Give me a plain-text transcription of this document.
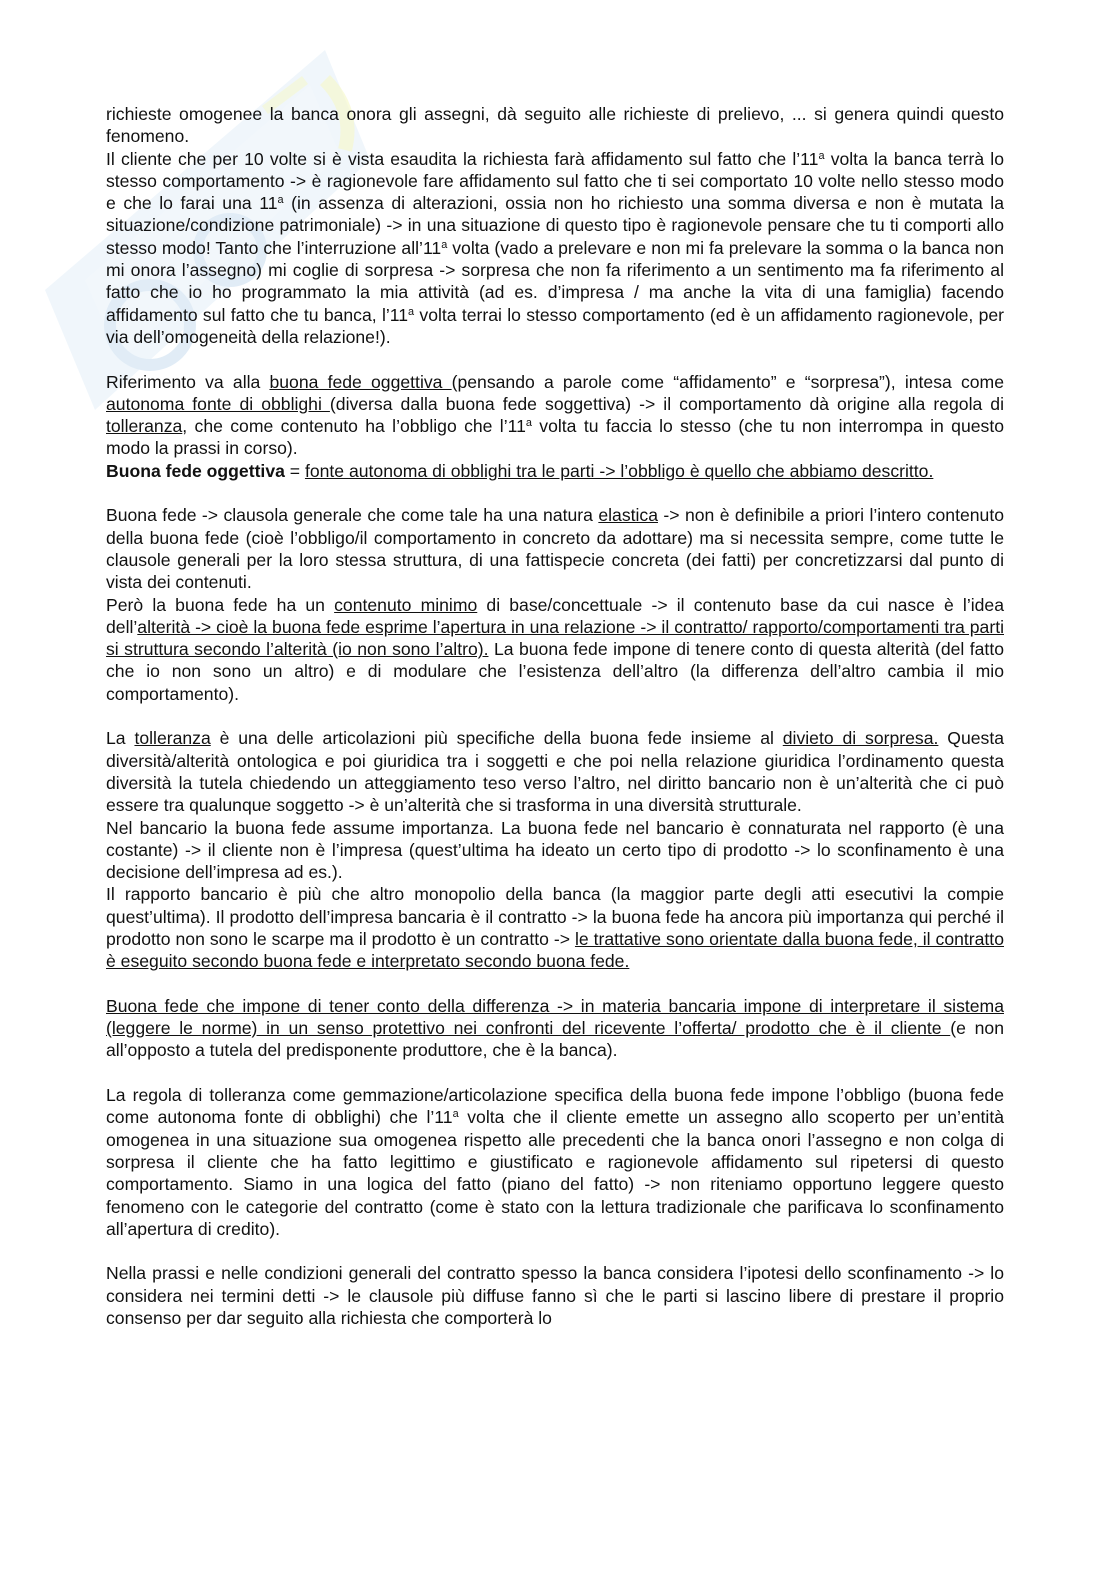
richieste omogenee la banca onora gli assegni, dà seguito alle richieste di prelievo, ... si genera quindi questo fenomeno.

Il cliente che per 10 volte si è vista esaudita la richiesta farà affidamento sul fatto che l’11$^a$ volta la banca terrà lo stesso comportamento -> è ragionevole fare affidamento sul fatto che ti sei comportato 10 volte nello stesso modo e che lo farai una 11$^a$ (in assenza di alterazioni, ossia non ho richiesto una somma diversa e non è mutata la situazione/condizione patrimoniale) -> in una situazione di questo tipo è ragionevole pensare che tu ti comporti allo stesso modo! Tanto che l’interruzione all’11$^a$ volta (vado a prelevare e non mi fa prelevare la somma o la banca non mi onora l’assegno) mi coglie di sorpresa -> sorpresa che non fa riferimento a un sentimento ma fa riferimento al fatto che io ho programmato la mia attività (ad es. d’impresa / ma anche la vita di una famiglia) facendo affidamento sul fatto che tu banca, l’11$^a$ volta terrai lo stesso comportamento (ed è un affidamento ragionevole, per via dell’omogeneità della relazione!).

Riferimento va alla buona fede oggettiva (pensando a parole come “affidamento” e “sorpresa”), intesa come autonoma fonte di obblighi (diversa dalla buona fede soggettiva) -> il comportamento dà origine alla regola di tolleranza, che come contenuto ha l’obbligo che l’11$^a$ volta tu faccia lo stesso (che tu non interrompa in questo modo la prassi in corso).

Buona fede oggettiva = fonte autonoma di obblighi tra le parti -> l’obbligo è quello che abbiamo descritto.

Buona fede -> clausola generale che come tale ha una natura elastica -> non è definibile a priori l’intero contenuto della buona fede (cioè l’obbligo/il comportamento in concreto da adottare) ma si necessita sempre, come tutte le clausole generali per la loro stessa struttura, di una fattispecie concreta (dei fatti) per concretizzarsi dal punto di vista dei contenuti.

Però la buona fede ha un contenuto minimo di base/concettuale -> il contenuto base da cui nasce è l’idea dell’alterità -> cioè la buona fede esprime l’apertura in una relazione -> il contratto/ rapporto/comportamenti tra parti si struttura secondo l’alterità (io non sono l’altro). La buona fede impone di tenere conto di questa alterità (del fatto che io non sono un altro) e di modulare che l’esistenza dell’altro (la differenza dell’altro cambia il mio comportamento).

La tolleranza è una delle articolazioni più specifiche della buona fede insieme al divieto di sorpresa. Questa diversità/alterità ontologica e poi giuridica tra i soggetti e che poi nella relazione giuridica l’ordinamento questa diversità la tutela chiedendo un atteggiamento teso verso l’altro, nel diritto bancario non è un’alterità che ci può essere tra qualunque soggetto -> è un’alterità che si trasforma in una diversità strutturale.

Nel bancario la buona fede assume importanza. La buona fede nel bancario è connaturata nel rapporto (è una costante) -> il cliente non è l’impresa (quest’ultima ha ideato un certo tipo di prodotto -> lo sconfinamento è una decisione dell’impresa ad es.).

Il rapporto bancario è più che altro monopolio della banca (la maggior parte degli atti esecutivi la compie quest’ultima). Il prodotto dell’impresa bancaria è il contratto -> la buona fede ha ancora più importanza qui perché il prodotto non sono le scarpe ma il prodotto è un contratto -> le trattative sono orientate dalla buona fede, il contratto è eseguito secondo buona fede e interpretato secondo buona fede.

Buona fede che impone di tener conto della differenza -> in materia bancaria impone di interpretare il sistema (leggere le norme) in un senso protettivo nei confronti del ricevente l’offerta/ prodotto che è il cliente (e non all’opposto a tutela del predisponente produttore, che è la banca).

La regola di tolleranza come gemmazione/articolazione specifica della buona fede impone l’obbligo (buona fede come autonoma fonte di obblighi) che l’11$^a$ volta che il cliente emette un assegno allo scoperto per un’entità omogenea in una situazione sua omogenea rispetto alle precedenti che la banca onori l’assegno e non colga di sorpresa il cliente che ha fatto legittimo e giustificato e ragionevole affidamento sul ripetersi di questo comportamento. Siamo in una logica del fatto (piano del fatto) -> non riteniamo opportuno leggere questo fenomeno con le categorie del contratto (come è stato con la lettura tradizionale che parificava lo sconfinamento all’apertura di credito).

Nella prassi e nelle condizioni generali del contratto spesso la banca considera l’ipotesi dello sconfinamento -> lo considera nei termini detti -> le clausole più diffuse fanno sì che le parti si lascino libere di prestare il proprio consenso per dar seguito alla richiesta che comporterà lo
